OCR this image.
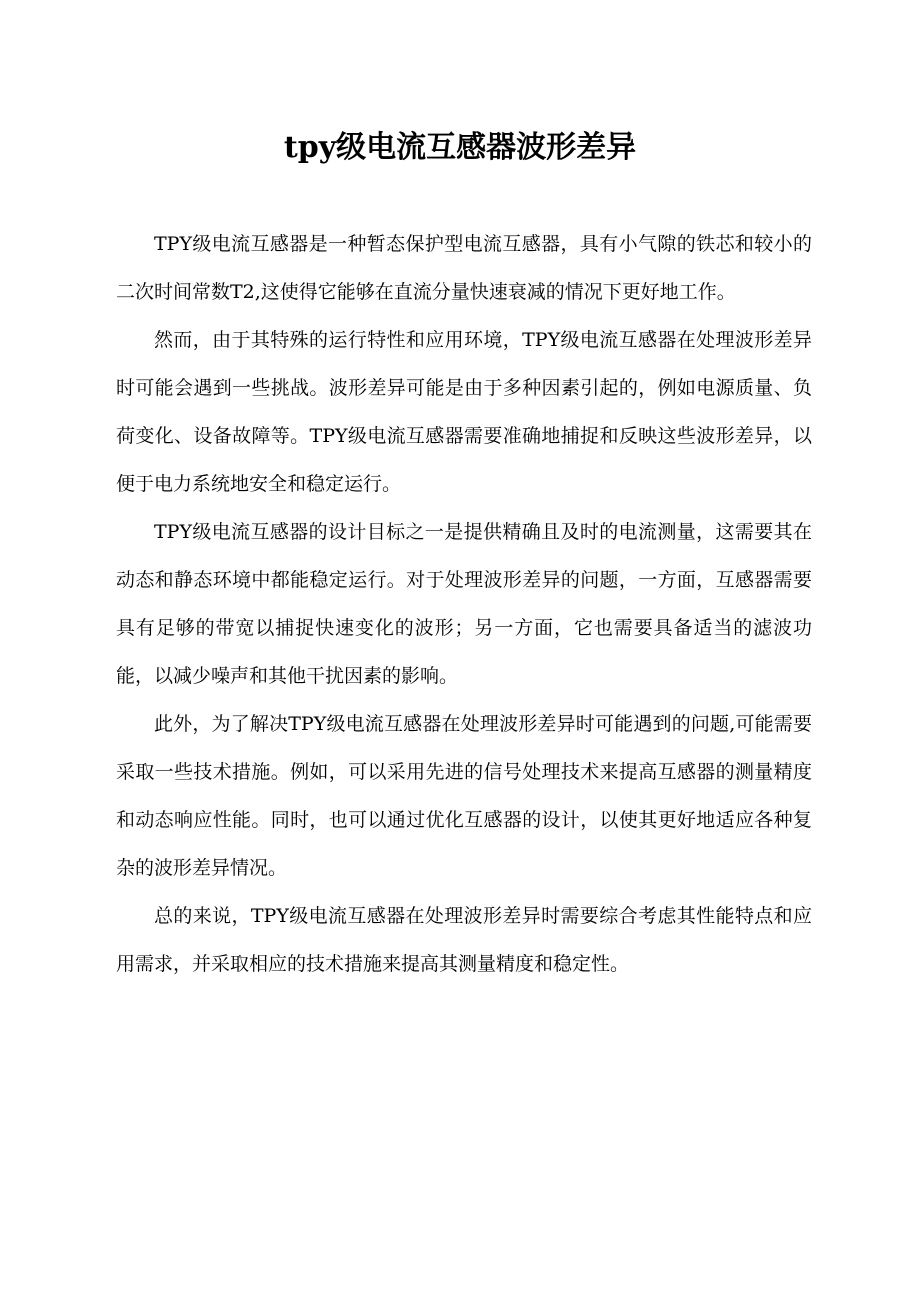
tpy级电流互感器波形差异

TPY级电流互感器是一种暂态保护型电流互感器，具有小气隙的铁芯和较小的二次时间常数T2,这使得它能够在直流分量快速衰减的情况下更好地工作。

然而，由于其特殊的运行特性和应用环境，TPY级电流互感器在处理波形差异时可能会遇到一些挑战。波形差异可能是由于多种因素引起的，例如电源质量、负荷变化、设备故障等。TPY级电流互感器需要准确地捕捉和反映这些波形差异，以便于电力系统地安全和稳定运行。

TPY级电流互感器的设计目标之一是提供精确且及时的电流测量，这需要其在动态和静态环境中都能稳定运行。对于处理波形差异的问题，一方面，互感器需要具有足够的带宽以捕捉快速变化的波形；另一方面，它也需要具备适当的滤波功能，以减少噪声和其他干扰因素的影响。

此外，为了解决TPY级电流互感器在处理波形差异时可能遇到的问题,可能需要采取一些技术措施。例如，可以采用先进的信号处理技术来提高互感器的测量精度和动态响应性能。同时，也可以通过优化互感器的设计，以使其更好地适应各种复杂的波形差异情况。

总的来说，TPY级电流互感器在处理波形差异时需要综合考虑其性能特点和应用需求，并采取相应的技术措施来提高其测量精度和稳定性。
